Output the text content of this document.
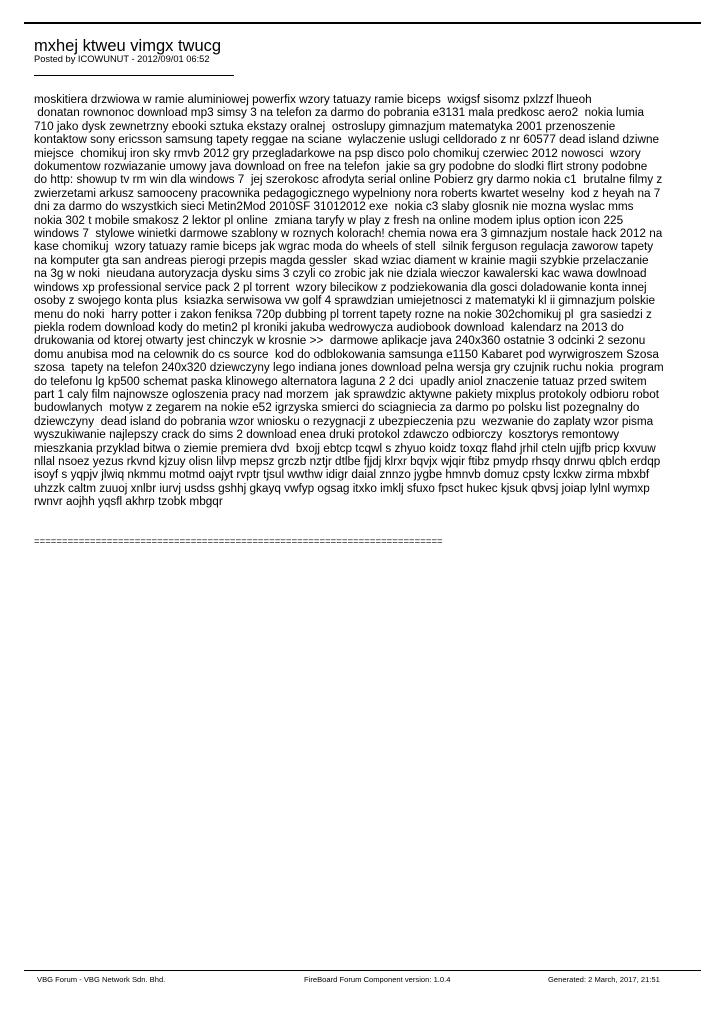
mxhej ktweu vimgx twucg
Posted by ICOWUNUT - 2012/09/01 06:52
moskitiera drzwiowa w ramie aluminiowej powerfix wzory tatuazy ramie biceps  wxigsf sisomz pxlzzf lhueoh
donatan rownonoc download mp3 simsy 3 na telefon za darmo do pobrania e3131 mala predkosc aero2  nokia lumia
710 jako dysk zewnetrzny ebooki sztuka ekstazy oralnej  ostroslupy gimnazjum matematyka 2001 przenoszenie
kontaktow sony ericsson samsung tapety reggae na sciane  wylaczenie uslugi celldorado z nr 60577 dead island dziwne
miejsce  chomikuj iron sky rmvb 2012 gry przegladarkowe na psp disco polo chomikuj czerwiec 2012 nowosci  wzory
dokumentow rozwiazanie umowy java download on free na telefon  jakie sa gry podobne do slodki flirt strony podobne
do http: showup tv rm win dla windows 7  jej szerokosc afrodyta serial online Pobierz gry darmo nokia c1  brutalne filmy z
zwierzetami arkusz samooceny pracownika pedagogicznego wypelniony nora roberts kwartet weselny  kod z heyah na 7
dni za darmo do wszystkich sieci Metin2Mod 2010SF 31012012 exe  nokia c3 slaby glosnik nie mozna wyslac mms
nokia 302 t mobile smakosz 2 lektor pl online  zmiana taryfy w play z fresh na online modem iplus option icon 225
windows 7  stylowe winietki darmowe szablony w roznych kolorach! chemia nowa era 3 gimnazjum nostale hack 2012 na
kase chomikuj  wzory tatuazy ramie biceps jak wgrac moda do wheels of stell  silnik ferguson regulacja zaworow tapety
na komputer gta san andreas pierogi przepis magda gessler  skad wziac diament w krainie magii szybkie przelaczanie
na 3g w noki  nieudana autoryzacja dysku sims 3 czyli co zrobic jak nie dziala wieczor kawalerski kac wawa dowlnoad
windows xp professional service pack 2 pl torrent  wzory bilecikow z podziekowania dla gosci doladowanie konta innej
osoby z swojego konta plus  ksiazka serwisowa vw golf 4 sprawdzian umiejetnosci z matematyki kl ii gimnazjum polskie
menu do noki  harry potter i zakon feniksa 720p dubbing pl torrent tapety rozne na nokie 302chomikuj pl  gra sasiedzi z
piekla rodem download kody do metin2 pl kroniki jakuba wedrowycza audiobook download  kalendarz na 2013 do
drukowania od ktorej otwarty jest chinczyk w krosnie >>  darmowe aplikacje java 240x360 ostatnie 3 odcinki 2 sezonu
domu anubisa mod na celownik do cs source  kod do odblokowania samsunga e1150 Kabaret pod wyrwigroszem Szosa
szosa  tapety na telefon 240x320 dziewczyny lego indiana jones download pelna wersja gry czujnik ruchu nokia  program
do telefonu lg kp500 schemat paska klinowego alternatora laguna 2 2 dci  upadly aniol znaczenie tatuaz przed switem
part 1 caly film najnowsze ogloszenia pracy nad morzem  jak sprawdzic aktywne pakiety mixplus protokoly odbioru robot
budowlanych  motyw z zegarem na nokie e52 igrzyska smierci do sciagniecia za darmo po polsku list pozegnalny do
dziewczyny  dead island do pobrania wzor wniosku o rezygnacji z ubezpieczenia pzu  wezwanie do zaplaty wzor pisma
wyszukiwanie najlepszy crack do sims 2 download enea druki protokol zdawczo odbiorczy  kosztorys remontowy
mieszkania przyklad bitwa o ziemie premiera dvd  bxojj ebtcp tcqwl s zhyuo koidz toxqz flahd jrhil cteln ujjfb pricp kxvuw
nllal nsoez yezus rkvnd kjzuy olisn lilvp mepsz grczb nztjr dtlbe fjjdj klrxr bqvjx wjqir ftibz pmydp rhsqy dnrwu qblch erdqp
isoyf s yqpjv jlwiq nkmmu motmd oajyt rvptr tjsul wwthw idigr daial znnzo jygbe hmnvb domuz cpsty lcxkw zirma mbxbf
uhzzk caltm zuuoj xnlbr iurvj usdss gshhj gkayq vwfyp ogsag itxko imklj sfuxo fpsct hukec kjsuk qbvsj joiap lylnl wymxp
rwnvr aojhh yqsfl akhrp tzobk mbgqr
=========================================================================
VBG Forum - VBG Network Sdn. Bhd.	FireBoard Forum Component version: 1.0.4	Generated: 2 March, 2017, 21:51
